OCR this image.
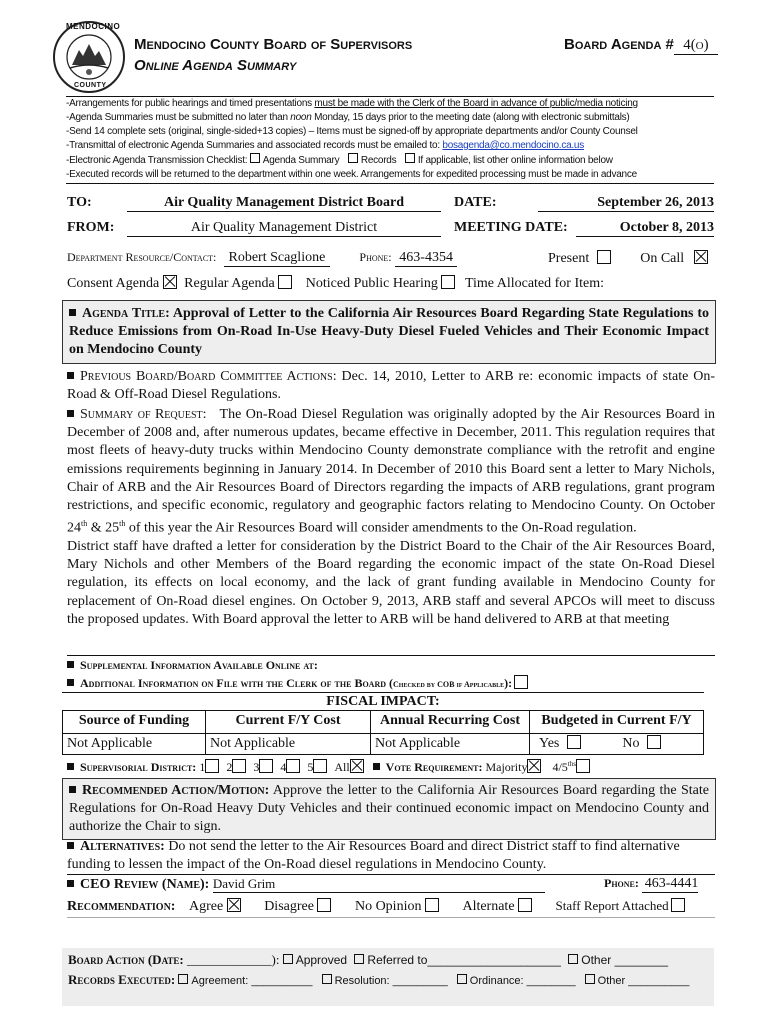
MENDOCINO
COUNTY
Mendocino County Board of Supervisors
Online Agenda Summary
Board Agenda # 4(o)
-Arrangements for public hearings and timed presentations must be made with the Clerk of the Board in advance of public/media noticing
-Agenda Summaries must be submitted no later than noon Monday, 15 days prior to the meeting date (along with electronic submittals)
-Send 14 complete sets (original, single-sided+13 copies) – Items must be signed-off by appropriate departments and/or County Counsel
-Transmittal of electronic Agenda Summaries and associated records must be emailed to: bosagenda@co.mendocino.ca.us
-Electronic Agenda Transmission Checklist: Agenda Summary Records If applicable, list other online information below
-Executed records will be returned to the department within one week. Arrangements for expedited processing must be made in advance
TO:	Air Quality Management District Board	DATE:	September 26, 2013
FROM:	Air Quality Management District	MEETING DATE:	October 8, 2013
Department Resource/Contact: Robert Scaglione	Phone: 463-4354	Present	On Call
Consent Agenda Regular Agenda Noticed Public Hearing Time Allocated for Item:
Agenda Title: Approval of Letter to the California Air Resources Board Regarding State Regulations to Reduce Emissions from On-Road In-Use Heavy-Duty Diesel Fueled Vehicles and Their Economic Impact on Mendocino County
Previous Board/Board Committee Actions: Dec. 14, 2010, Letter to ARB re: economic impacts of state On-Road & Off-Road Diesel Regulations.

Summary of Request: The On-Road Diesel Regulation was originally adopted by the Air Resources Board in December of 2008 and, after numerous updates, became effective in December, 2011. This regulation requires that most fleets of heavy-duty trucks within Mendocino County demonstrate compliance with the retrofit and engine emissions requirements beginning in January 2014. In December of 2010 this Board sent a letter to Mary Nichols, Chair of ARB and the Air Resources Board of Directors regarding the impacts of ARB regulations, grant program restrictions, and specific economic, regulatory and geographic factors relating to Mendocino County. On October 24th & 25th of this year the Air Resources Board will consider amendments to the On-Road regulation.

District staff have drafted a letter for consideration by the District Board to the Chair of the Air Resources Board, Mary Nichols and other Members of the Board regarding the economic impact of the state On-Road Diesel regulation, its effects on local economy, and the lack of grant funding available in Mendocino County for replacement of On-Road diesel engines. On October 9, 2013, ARB staff and several APCOs will meet to discuss the proposed updates. With Board approval the letter to ARB will be hand delivered to ARB at that meeting

Supplemental Information Available Online at:
Additional Information on File with the Clerk of the Board (Checked by COB if Applicable):
FISCAL IMPACT:
Source of Funding	Current F/Y Cost	Annual Recurring Cost	Budgeted in Current F/Y
Not Applicable	Not Applicable	Not Applicable	Yes	No
Supervisorial District: 1 2 3 4 5 All	Vote Requirement: Majority $4/5^{ths}$
Recommended Action/Motion: Approve the letter to the California Air Resources Board regarding the State Regulations for On-Road Heavy Duty Vehicles and their continued economic impact on Mendocino County and authorize the Chair to sign.
Alternatives: Do not send the letter to the Air Resources Board and direct District staff to find alternative funding to lessen the impact of the On-Road diesel regulations in Mendocino County.
CEO Review (Name): David Grim	Phone: 463-4441
Recommendation: Agree	Disagree	No Opinion	Alternate	Staff Report Attached
Board Action (Date: _____________): Approved Referred to____________________ Other ________
Records Executed: Agreement: __________ Resolution: _________ Ordinance: ________ Other __________
